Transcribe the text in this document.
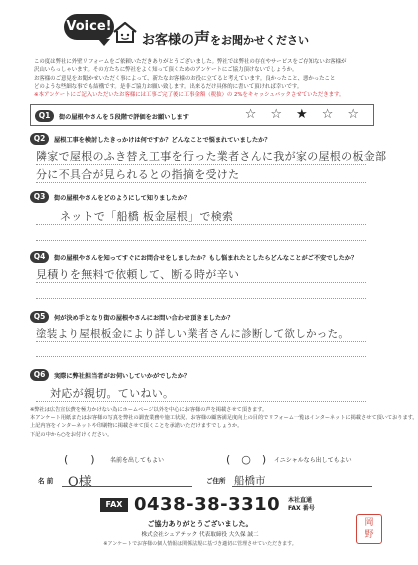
Voice!
お客様の声をお聞かせください
この度は弊社に外壁リフォームをご依頼いただきありがとうございました。弊社では弊社の存在やサービスをご存知ないお客様が
沢山いらっしゃいます。その方たちに弊社をよく知って頂くためのアンケートにご協力頂けないでしょうか。
お客様のご意見をお聞かせいただく事によって、新たなお客様のお役に立てると考えています。良かったこと、悪かったこと
どのような些細な事でも結構です。是非ご協力お願い致します。出来るだけ具体的に書いて頂ければ幸いです。
※本アンケートにご記入いただいたお客様には工事ご完了後に工事金額（税抜）の 2%をキャッシュバックさせていただきます。
Q1	街の屋根やさんを５段階で評価をお願いします	☆ ☆ ★ ☆ ☆
Q2	屋根工事を検討したきっかけは何ですか？どんなことで悩まれていましたか？
隣家で屋根のふき替え工事を行った業者さんに我が家の屋根の板金部
分に不具合が見られるとの指摘を受けた
Q3	街の屋根やさんをどのようにして知りましたか？
ネットで「船橋 板金屋根」で検索
Q4	街の屋根やさんを知ってすぐにお問合せをしましたか？もし悩まれたとしたらどんなことがご不安でしたか？
見積りを無料で依頼して、断る時が辛い
Q5	何が決め手となり街の屋根やさんにお問い合わせ頂きましたか？
塗装より屋根板金により詳しい業者さんに診断して欲しかった。
Q6	実際に弊社担当者がお伺いしていかがでしたか？
対応が親切。ていねい。
※弊社は広告宣伝費を極力かけない為にホームページ以外を中心にお客様の声を掲載させて頂きます。
本アンケート用紙またはお客様の写真を弊社の調査業務や施工状況、お客様の顧客満足度向上の目的でリフォーム一覧はインターネットに掲載させて頂いております。
上記内容をインターネットや印刷物に掲載させて頂くことを承諾いただけますでしょうか。
下記の中から○をお付けください。
(　　)	名前を出してもよい	(　○　) イニシャルなら出してもよい
名 前 O様	ご住所 船橋市
FAX 0438-38-3310 本社直通
FAX 番号
ご協力ありがとうございました。
株式会社シェアテック 代表取締役 大久保 誠二
※アンケートでお客様の個人情報は関係法規に基づき適切に管理させていただきます。
岡
野
